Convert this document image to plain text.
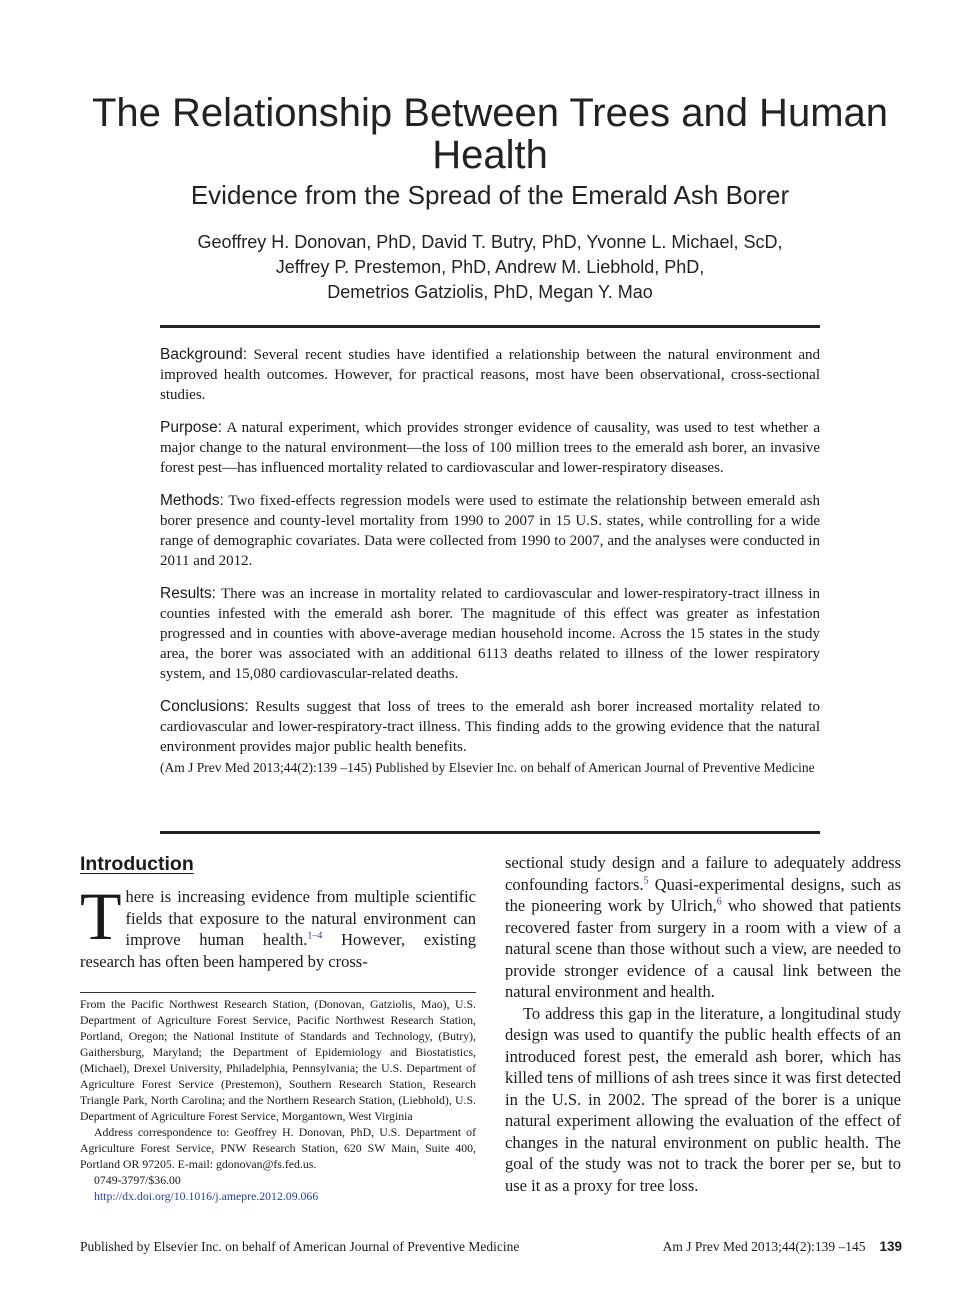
The Relationship Between Trees and Human Health
Evidence from the Spread of the Emerald Ash Borer
Geoffrey H. Donovan, PhD, David T. Butry, PhD, Yvonne L. Michael, ScD,
Jeffrey P. Prestemon, PhD, Andrew M. Liebhold, PhD,
Demetrios Gatziolis, PhD, Megan Y. Mao

Background: Several recent studies have identified a relationship between the natural environment and improved health outcomes. However, for practical reasons, most have been observational, cross-sectional studies.

Purpose: A natural experiment, which provides stronger evidence of causality, was used to test whether a major change to the natural environment—the loss of 100 million trees to the emerald ash borer, an invasive forest pest—has influenced mortality related to cardiovascular and lower-respiratory diseases.

Methods: Two fixed-effects regression models were used to estimate the relationship between emerald ash borer presence and county-level mortality from 1990 to 2007 in 15 U.S. states, while controlling for a wide range of demographic covariates. Data were collected from 1990 to 2007, and the analyses were conducted in 2011 and 2012.

Results: There was an increase in mortality related to cardiovascular and lower-respiratory-tract illness in counties infested with the emerald ash borer. The magnitude of this effect was greater as infestation progressed and in counties with above-average median household income. Across the 15 states in the study area, the borer was associated with an additional 6113 deaths related to illness of the lower respiratory system, and 15,080 cardiovascular-related deaths.

Conclusions: Results suggest that loss of trees to the emerald ash borer increased mortality related to cardiovascular and lower-respiratory-tract illness. This finding adds to the growing evidence that the natural environment provides major public health benefits.

(Am J Prev Med 2013;44(2):139 –145) Published by Elsevier Inc. on behalf of American Journal of Preventive Medicine

Introduction

There is increasing evidence from multiple scientific fields that exposure to the natural environment can improve human health.$^{1-4}$ However, existing research has often been hampered by cross-

From the Pacific Northwest Research Station, (Donovan, Gatziolis, Mao), U.S. Department of Agriculture Forest Service, Pacific Northwest Research Station, Portland, Oregon; the National Institute of Standards and Technology, (Butry), Gaithersburg, Maryland; the Department of Epidemiology and Biostatistics, (Michael), Drexel University, Philadelphia, Pennsylvania; the U.S. Department of Agriculture Forest Service (Prestemon), Southern Research Station, Research Triangle Park, North Carolina; and the Northern Research Station, (Liebhold), U.S. Department of Agriculture Forest Service, Morgantown, West Virginia

Address correspondence to: Geoffrey H. Donovan, PhD, U.S. Department of Agriculture Forest Service, PNW Research Station, 620 SW Main, Suite 400, Portland OR 97205. E-mail: gdonovan@fs.fed.us.

0749-3797/$36.00

http://dx.doi.org/10.1016/j.amepre.2012.09.066

sectional study design and a failure to adequately address confounding factors.$^5$ Quasi-experimental designs, such as the pioneering work by Ulrich,$^6$ who showed that patients recovered faster from surgery in a room with a view of a natural scene than those without such a view, are needed to provide stronger evidence of a causal link between the natural environment and health.

To address this gap in the literature, a longitudinal study design was used to quantify the public health effects of an introduced forest pest, the emerald ash borer, which has killed tens of millions of ash trees since it was first detected in the U.S. in 2002. The spread of the borer is a unique natural experiment allowing the evaluation of the effect of changes in the natural environment on public health. The goal of the study was not to track the borer per se, but to use it as a proxy for tree loss.

Published by Elsevier Inc. on behalf of American Journal of Preventive Medicine	Am J Prev Med 2013;44(2):139 –145 139
